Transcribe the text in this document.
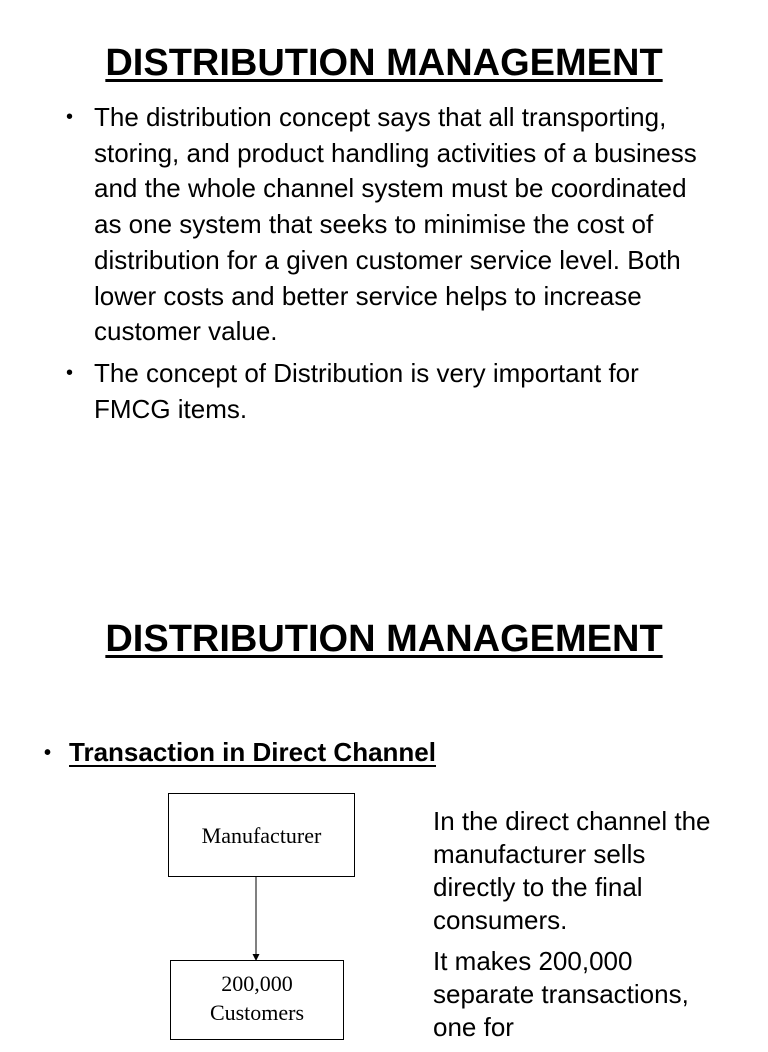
DISTRIBUTION MANAGEMENT
• The distribution concept says that all transporting, storing, and product handling activities of a business and the whole channel system must be coordinated as one system that seeks to minimise the cost of distribution for a given customer service level. Both lower costs and better service helps to increase customer value.
• The concept of Distribution is very important for FMCG items.
DISTRIBUTION MANAGEMENT
• Transaction in Direct Channel
Manufacturer
200,000
Customers

In the direct channel the manufacturer sells directly to the final consumers.

It makes 200,000 separate transactions, one for
